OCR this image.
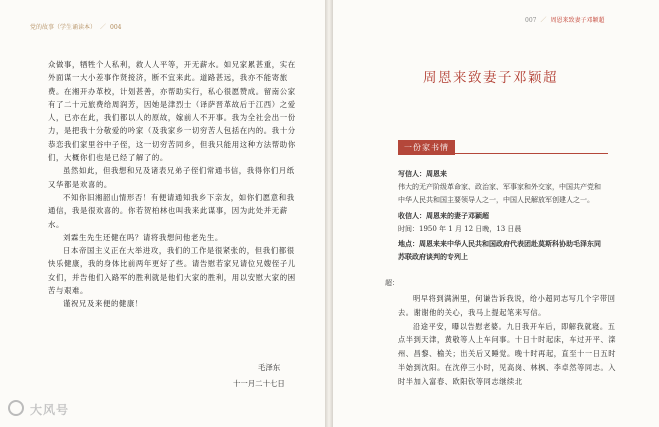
党的故事（学生诵读本） ／ 004

众做事，牺牲个人私利，救人人平等，开无薪水。如兄家累甚重，实在外面谋一大小差事作贤接济，断不宜来此。道路甚远，我亦不能寄旅费。在湘开办革校，计划甚善，亦帮助实行，私心很愿赞成。留南公家有了二十元旅费给周润芳，因她是津烈士（译萨晋革故后于江西）之爱人，已亦在此，我们都以人的原故，嫁前人不开事。我为全社会出一份力，是把我十分敬爱的吟家（及我家乡一切穷苦人包括在内的。我十分恭恋我们家里谷中子侄，这一切穷苦同乡，但我只能用这种方法帮助你们，大概你们也是已经了解了的。

虽然如此，但我想和兄及诸表兄弟子侄们常通书信，我得你们月纸又华都是欢喜的。

不知你旧湘韶山情形否！有便请通知我乡下亲友，如你们愿意和我通信，我是很欢喜的。你若贺柏林也叫我来此谋事，因为此处并无薪水。

刘霖生先生还健在吗？请将我想问他老先生。

日本帝国主义正在大举进攻，我们的工作是很紧张的，但我们都很快乐健康，我的身体比前两年更好了些。请告慰若家兄请位兄嫂侄子儿女们，并告他们入路军的胜利就是他们大家的胜利，用以安慰大家的困苦与艰难。

谨祝兄及来便的健康！

毛泽东
十一月二十七日
大风号
007 ／ 周恩来致妻子邓颖超
周恩来致妻子邓颖超
一份家书情
写信人：周恩来
伟大的无产阶级革命家、政治家、军事家和外交家，中国共产党和
中华人民共和国主要领导人之一，中国人民解放军创建人之一。
收信人：周恩来的妻子邓颖超
时间：1950 年 1 月 12 日晚，13 日晨
地点：周恩来来中华人民共和国政府代表团赴莫斯科协助毛泽东同
苏联政府谈判的专列上
超：

明早将到满洲里，何谦告诉我说，给小超同志写几个字带回去。谢谢他的关心，我马上提起笔来写信。

沿途平安，曝以告慰老婆。九日我开车后，即解我就寝。五点半到天津，黄敬等人上车问事。十日十时起床，车过开平、滦州、昌黎、榆关；出关后又睡觉。晚十时再起，直至十一日五时半始到沈阳。在沈停三小时，见高岗、林枫、李卓然等同志。入时半加入富春、欧阳钦等同志继续北
